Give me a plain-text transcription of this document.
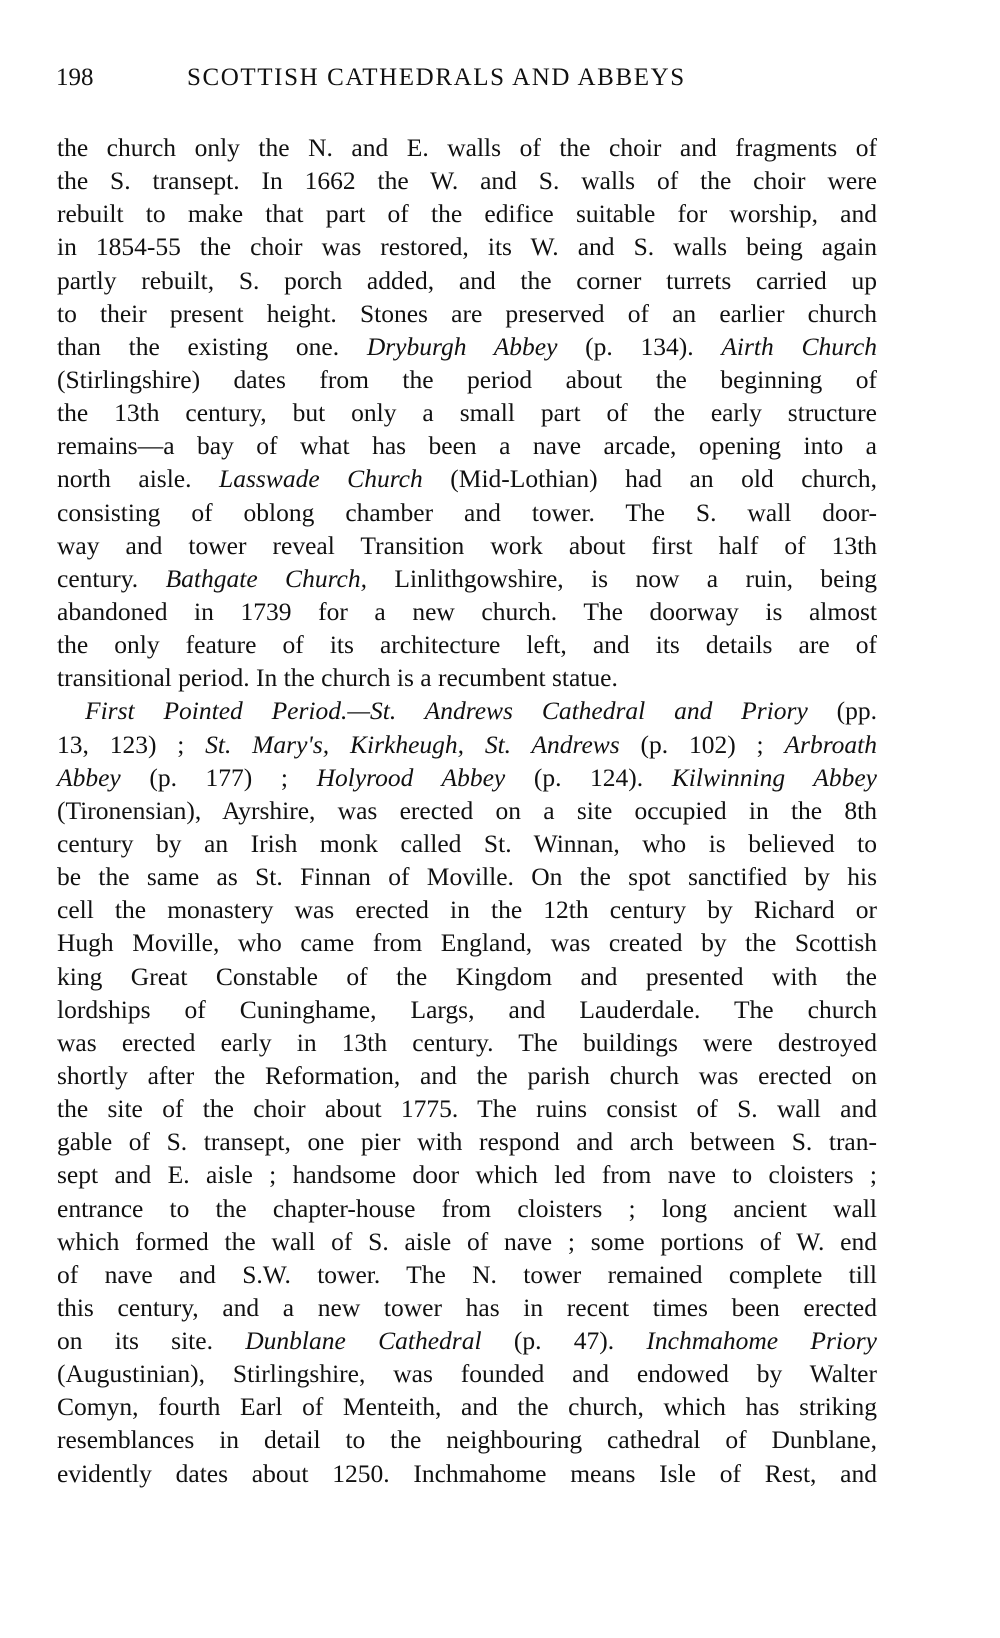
198	SCOTTISH CATHEDRALS AND ABBEYS
the church only the N. and E. walls of the choir and fragments of
the S. transept. In 1662 the W. and S. walls of the choir were
rebuilt to make that part of the edifice suitable for worship, and
in 1854-55 the choir was restored, its W. and S. walls being again
partly rebuilt, S. porch added, and the corner turrets carried up
to their present height. Stones are preserved of an earlier church
than the existing one. Dryburgh Abbey (p. 134). Airth Church
(Stirlingshire) dates from the period about the beginning of
the 13th century, but only a small part of the early structure
remains—a bay of what has been a nave arcade, opening into a
north aisle. Lasswade Church (Mid-Lothian) had an old church,
consisting of oblong chamber and tower. The S. wall door-
way and tower reveal Transition work about first half of 13th
century. Bathgate Church, Linlithgowshire, is now a ruin, being
abandoned in 1739 for a new church. The doorway is almost
the only feature of its architecture left, and its details are of
transitional period. In the church is a recumbent statue.
First Pointed Period.—St. Andrews Cathedral and Priory (pp.
13, 123) ; St. Mary's, Kirkheugh, St. Andrews (p. 102) ; Arbroath
Abbey (p. 177) ; Holyrood Abbey (p. 124). Kilwinning Abbey
(Tironensian), Ayrshire, was erected on a site occupied in the 8th
century by an Irish monk called St. Winnan, who is believed to
be the same as St. Finnan of Moville. On the spot sanctified by his
cell the monastery was erected in the 12th century by Richard or
Hugh Moville, who came from England, was created by the Scottish
king Great Constable of the Kingdom and presented with the
lordships of Cuninghame, Largs, and Lauderdale. The church
was erected early in 13th century. The buildings were destroyed
shortly after the Reformation, and the parish church was erected on
the site of the choir about 1775. The ruins consist of S. wall and
gable of S. transept, one pier with respond and arch between S. tran-
sept and E. aisle ; handsome door which led from nave to cloisters ;
entrance to the chapter-house from cloisters ; long ancient wall
which formed the wall of S. aisle of nave ; some portions of W. end
of nave and S.W. tower. The N. tower remained complete till
this century, and a new tower has in recent times been erected
on its site. Dunblane Cathedral (p. 47). Inchmahome Priory
(Augustinian), Stirlingshire, was founded and endowed by Walter
Comyn, fourth Earl of Menteith, and the church, which has striking
resemblances in detail to the neighbouring cathedral of Dunblane,
evidently dates about 1250. Inchmahome means Isle of Rest, and
